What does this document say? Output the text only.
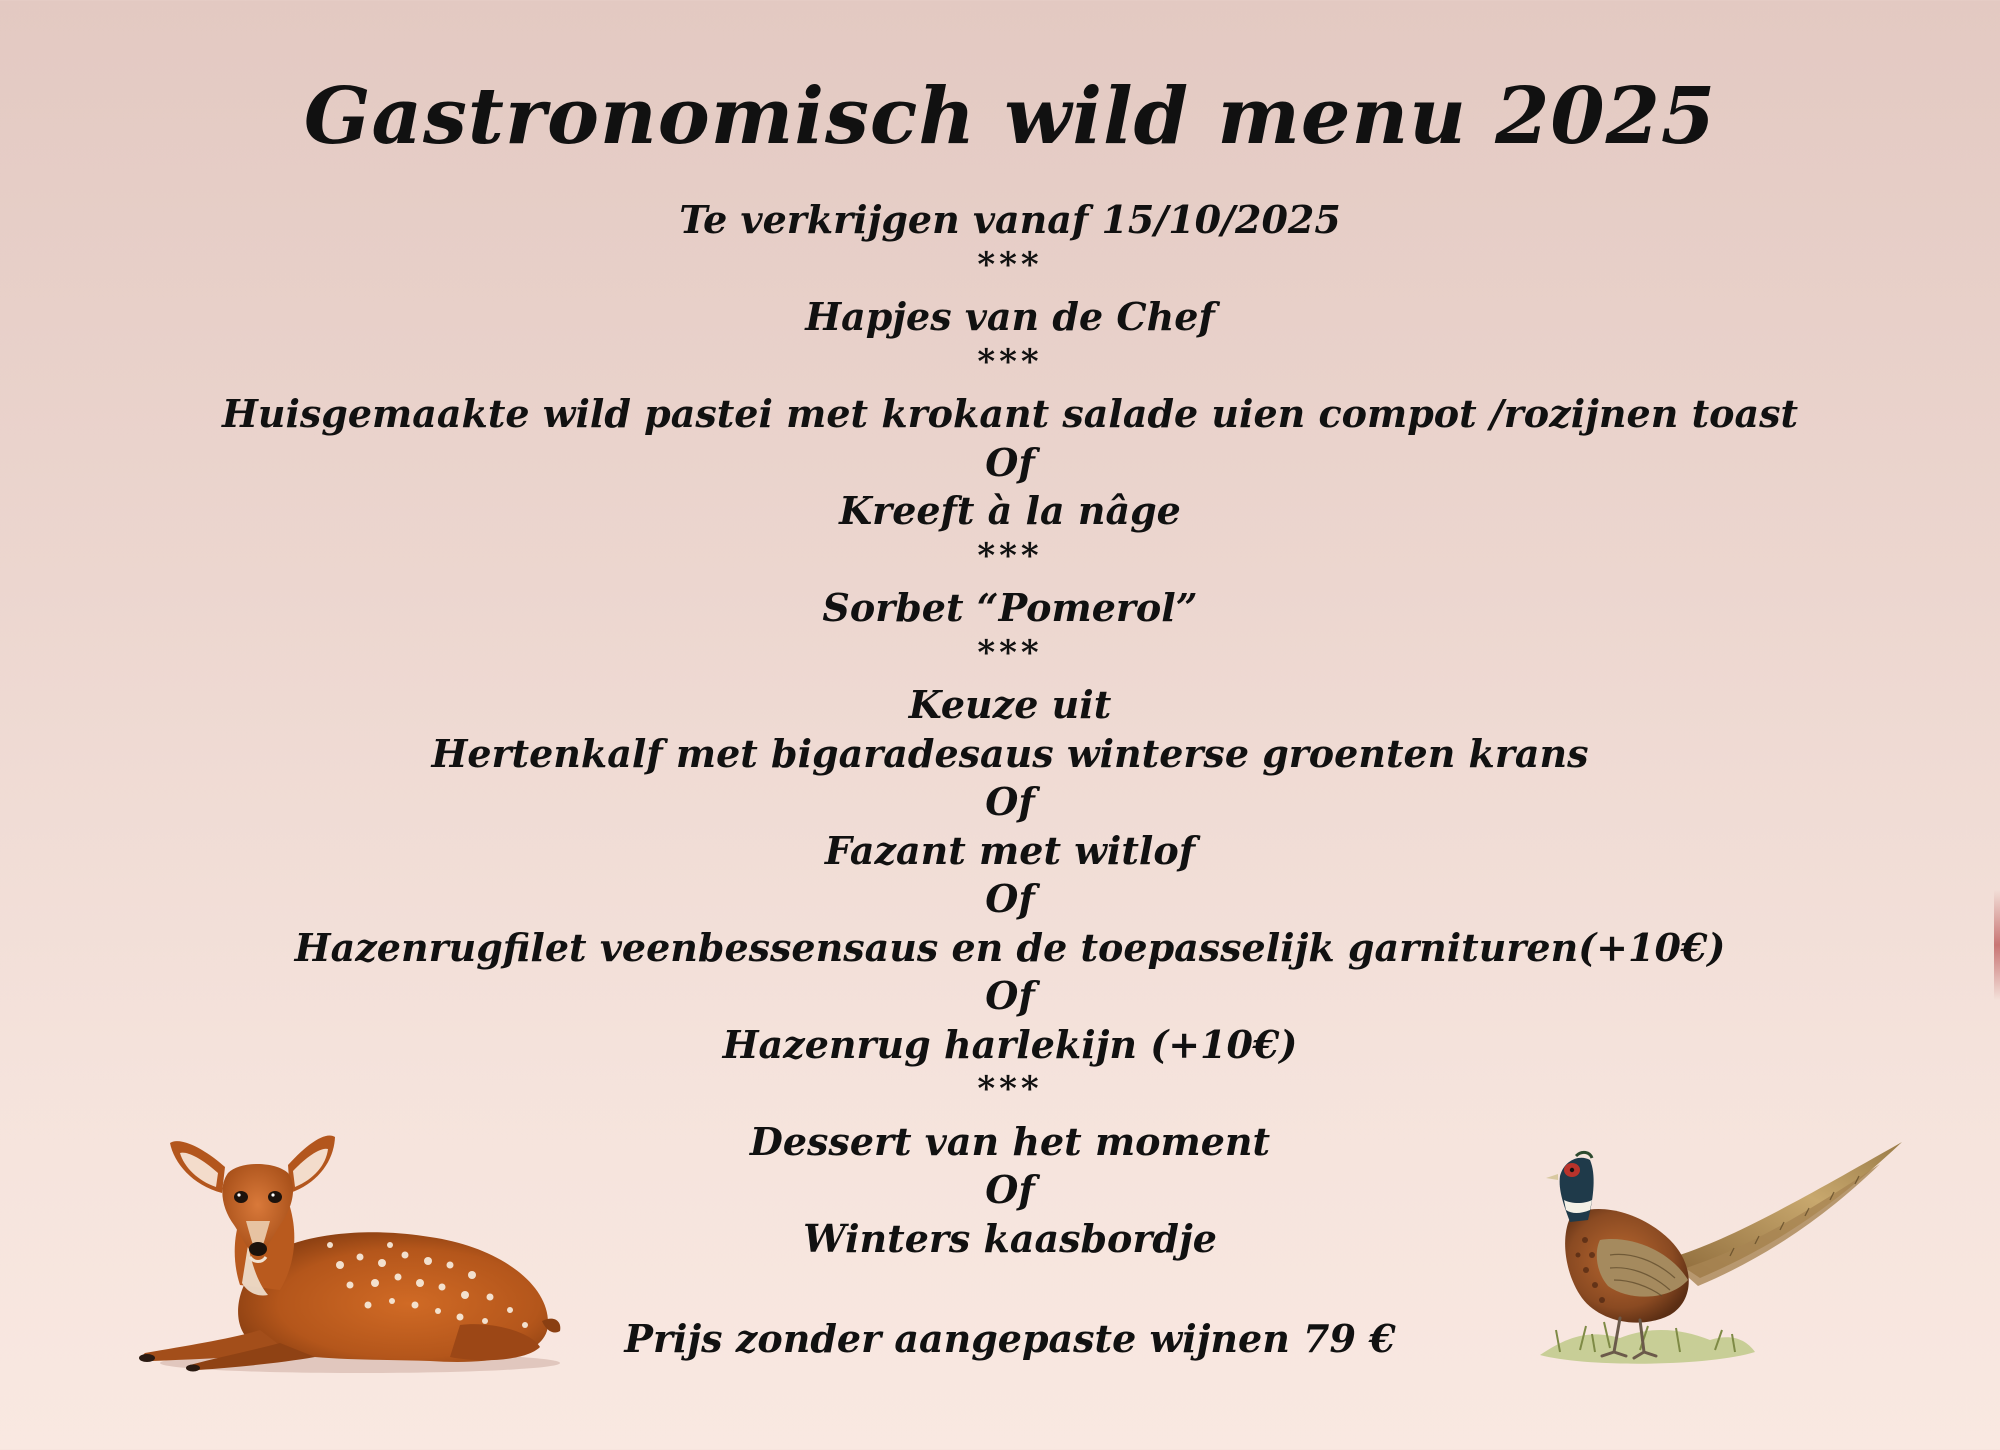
Gastronomisch wild menu 2025
Te verkrijgen vanaf 15/10/2025
***
Hapjes van de Chef
***
Huisgemaakte wild pastei met krokant salade uien compot /rozijnen toast
Of
Kreeft à la nâge
***
Sorbet “Pomerol”
***
Keuze uit
Hertenkalf met bigaradesaus winterse groenten krans
Of
Fazant met witlof
Of
Hazenrugfilet veenbessensaus en de toepasselijk garnituren(+10€)
Of
Hazenrug harlekijn (+10€)
***
Dessert van het moment
Of
Winters kaasbordje
Prijs zonder aangepaste wijnen 79 €
